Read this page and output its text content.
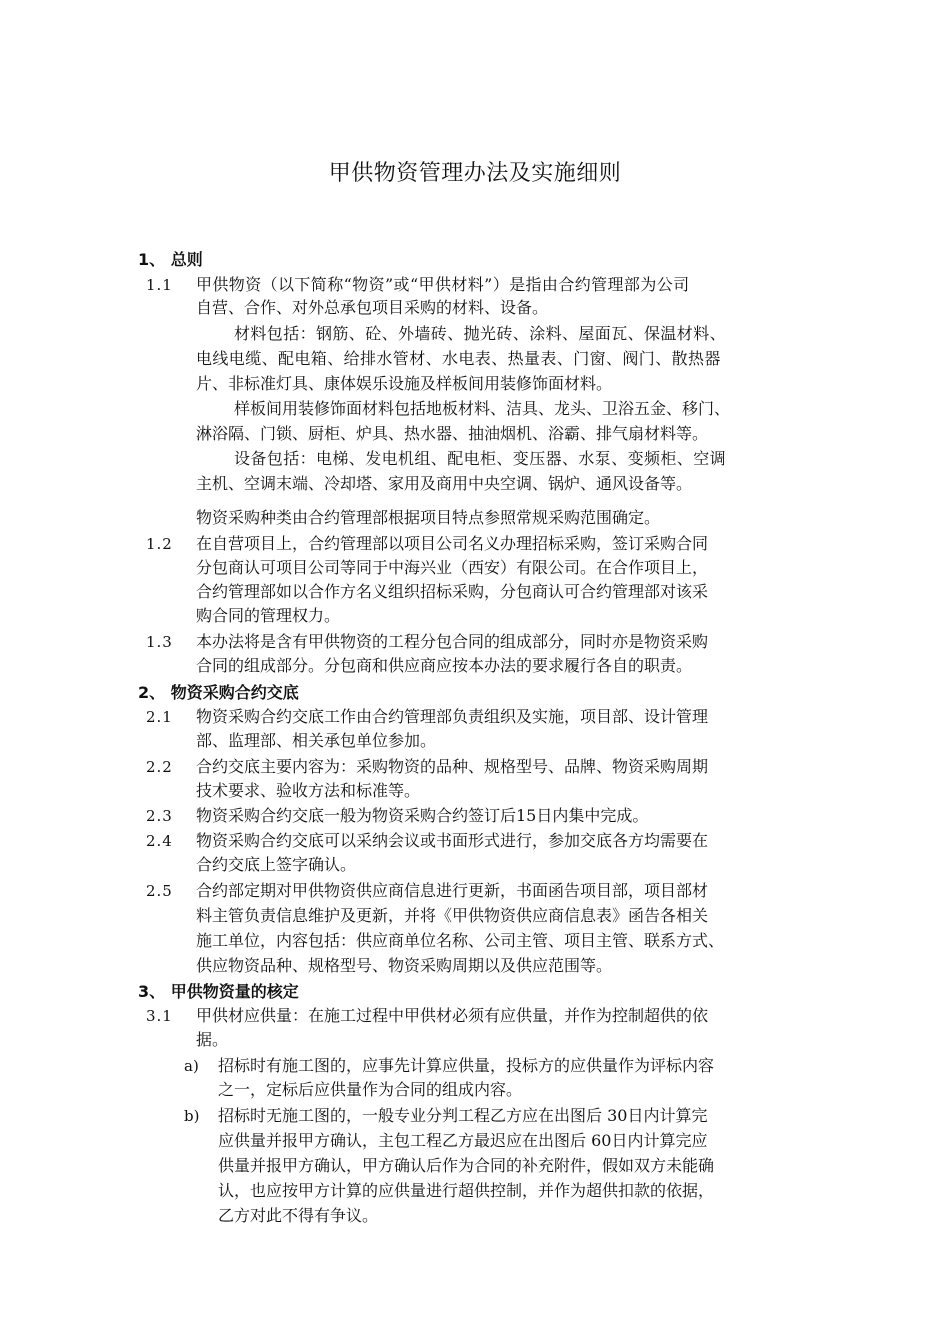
甲供物资管理办法及实施细则
1、 总则
1.1 甲供物资（以下简称“物资”或“甲供材料”）是指由合约管理部为公司
自营、合作、对外总承包项目采购的材料、设备。
材料包括：钢筋、砼、外墙砖、抛光砖、涂料、屋面瓦、保温材料、
电线电缆、配电箱、给排水管材、水电表、热量表、门窗、阀门、散热器
片、非标准灯具、康体娱乐设施及样板间用装修饰面材料。
样板间用装修饰面材料包括地板材料、洁具、龙头、卫浴五金、移门、
淋浴隔、门锁、厨柜、炉具、热水器、抽油烟机、浴霸、排气扇材料等。
设备包括：电梯、发电机组、配电柜、变压器、水泵、变频柜、空调
主机、空调末端、冷却塔、家用及商用中央空调、锅炉、通风设备等。
物资采购种类由合约管理部根据项目特点参照常规采购范围确定。
1.2 在自营项目上，合约管理部以项目公司名义办理招标采购，签订采购合同
分包商认可项目公司等同于中海兴业（西安）有限公司。在合作项目上，
合约管理部如以合作方名义组织招标采购，分包商认可合约管理部对该采
购合同的管理权力。
1.3 本办法将是含有甲供物资的工程分包合同的组成部分，同时亦是物资采购
合同的组成部分。分包商和供应商应按本办法的要求履行各自的职责。
2、 物资采购合约交底
2.1 物资采购合约交底工作由合约管理部负责组织及实施，项目部、设计管理
部、监理部、相关承包单位参加。
2.2 合约交底主要内容为：采购物资的品种、规格型号、品牌、物资采购周期
技术要求、验收方法和标准等。
2.3 物资采购合约交底一般为物资采购合约签订后15日内集中完成。
2.4 物资采购合约交底可以采纳会议或书面形式进行，参加交底各方均需要在
合约交底上签字确认。
2.5 合约部定期对甲供物资供应商信息进行更新，书面函告项目部，项目部材
料主管负责信息维护及更新，并将《甲供物资供应商信息表》函告各相关
施工单位，内容包括：供应商单位名称、公司主管、项目主管、联系方式、
供应物资品种、规格型号、物资采购周期以及供应范围等。
3、 甲供物资量的核定
3.1 甲供材应供量：在施工过程中甲供材必须有应供量，并作为控制超供的依
据。
a) 招标时有施工图的，应事先计算应供量，投标方的应供量作为评标内容
之一，定标后应供量作为合同的组成内容。
b) 招标时无施工图的，一般专业分判工程乙方应在出图后 30日内计算完
应供量并报甲方确认，主包工程乙方最迟应在出图后 60日内计算完应
供量并报甲方确认，甲方确认后作为合同的补充附件，假如双方未能确
认，也应按甲方计算的应供量进行超供控制，并作为超供扣款的依据，
乙方对此不得有争议。
